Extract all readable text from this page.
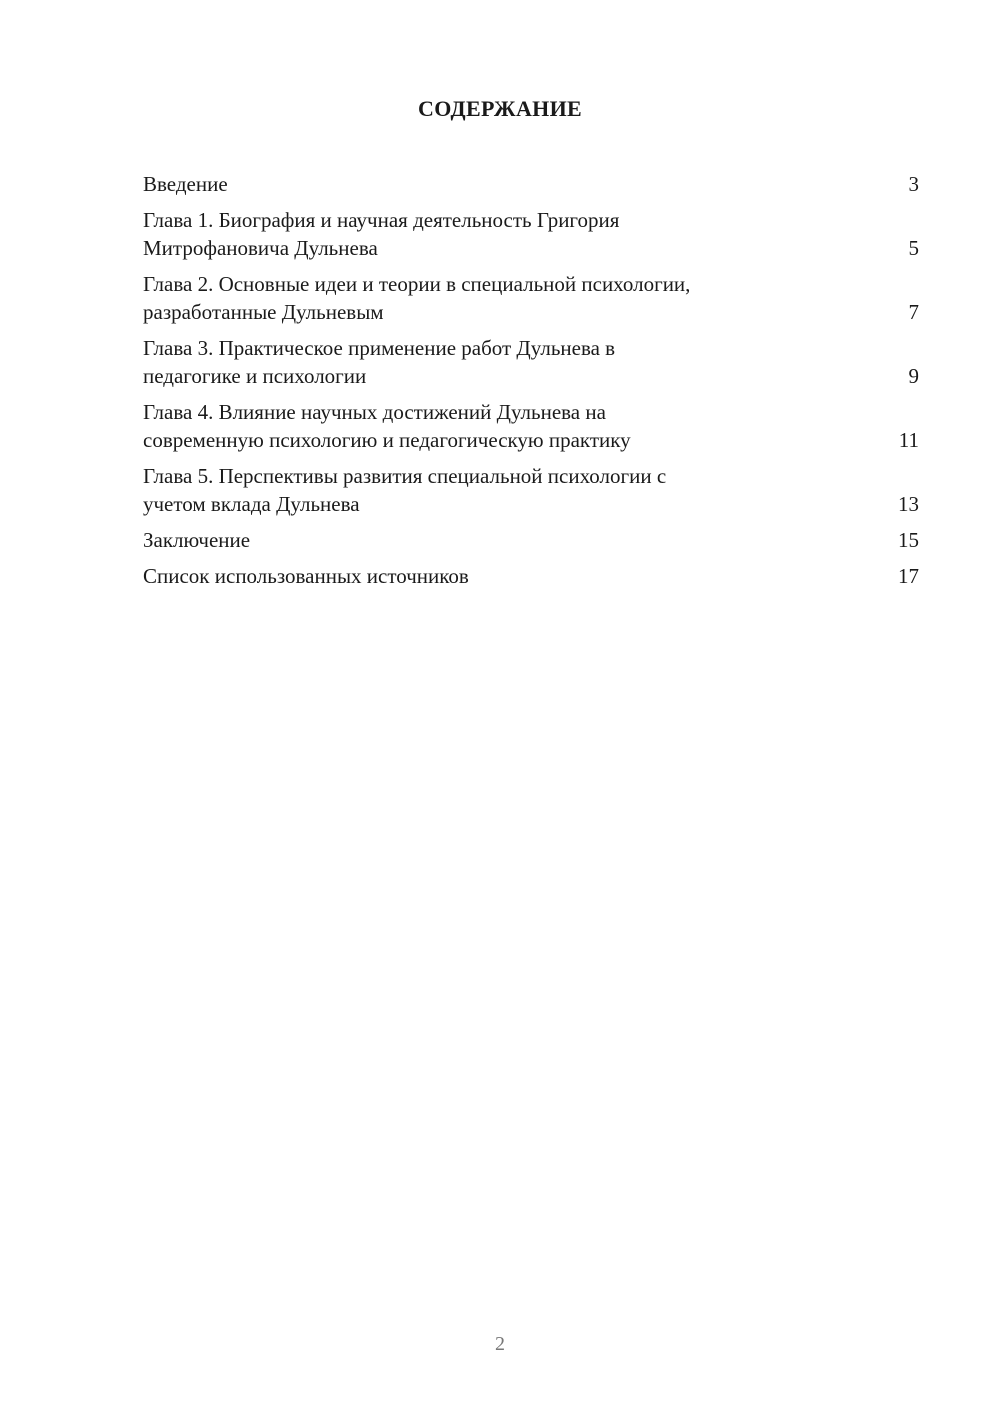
СОДЕРЖАНИЕ
Введение	3
Глава 1. Биография и научная деятельность Григория
Митрофановича Дульнева	5
Глава 2. Основные идеи и теории в специальной психологии,
разработанные Дульневым	7
Глава 3. Практическое применение работ Дульнева в
педагогике и психологии	9
Глава 4. Влияние научных достижений Дульнева на
современную психологию и педагогическую практику	11
Глава 5. Перспективы развития специальной психологии с
учетом вклада Дульнева	13
Заключение	15
Список использованных источников	17
2
